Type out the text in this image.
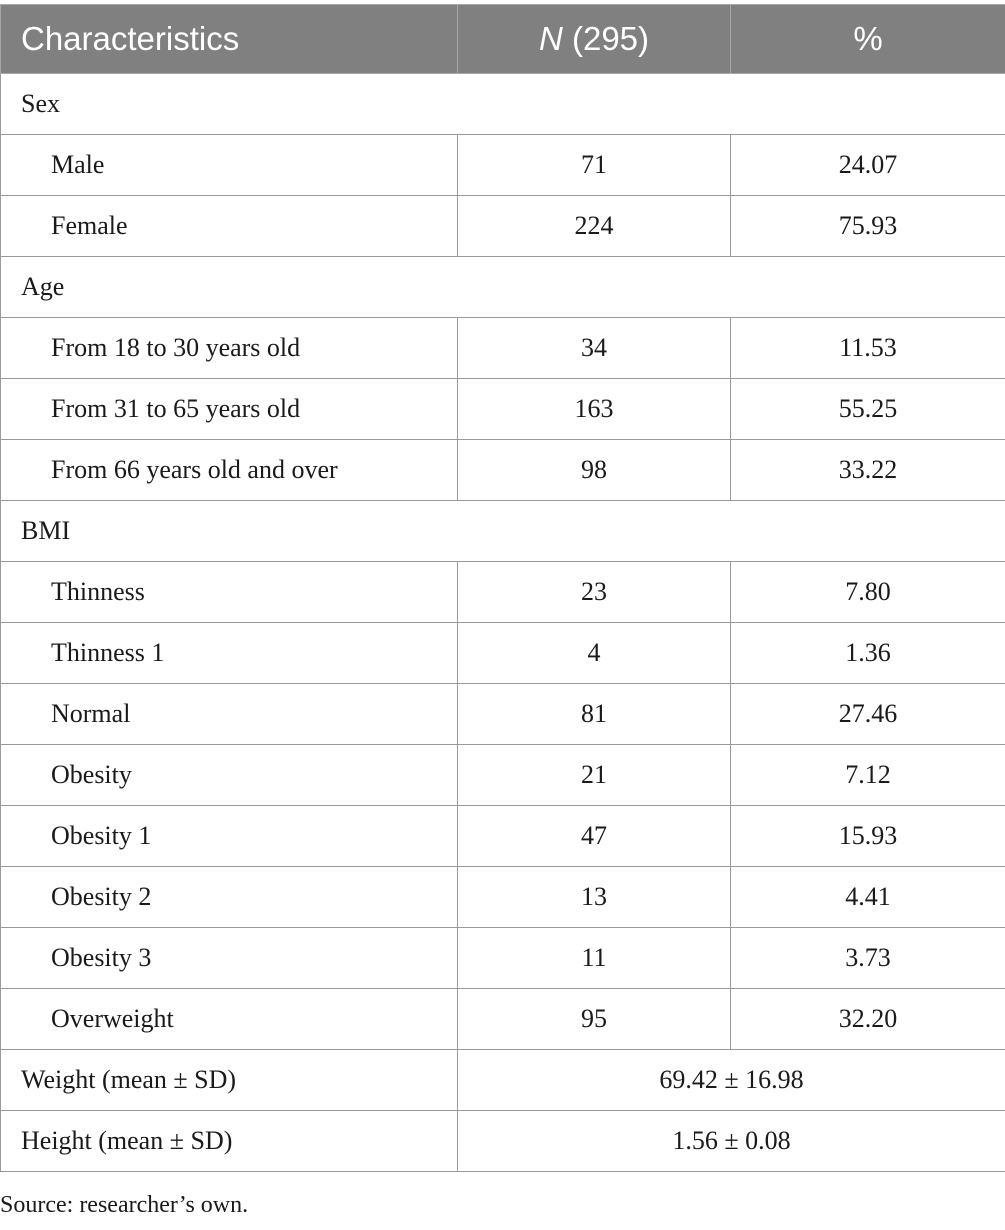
Characteristics	N (295)	%
Sex		
Male	71	24.07
Female	224	75.93
Age		
From 18 to 30 years old	34	11.53
From 31 to 65 years old	163	55.25
From 66 years old and over	98	33.22
BMI		
Thinness	23	7.80
Thinness 1	4	1.36
Normal	81	27.46
Obesity	21	7.12
Obesity 1	47	15.93
Obesity 2	13	4.41
Obesity 3	11	3.73
Overweight	95	32.20
Weight (mean ± SD)	69.42 ± 16.98	
Height (mean ± SD)	1.56 ± 0.08	
Source: researcher’s own.
